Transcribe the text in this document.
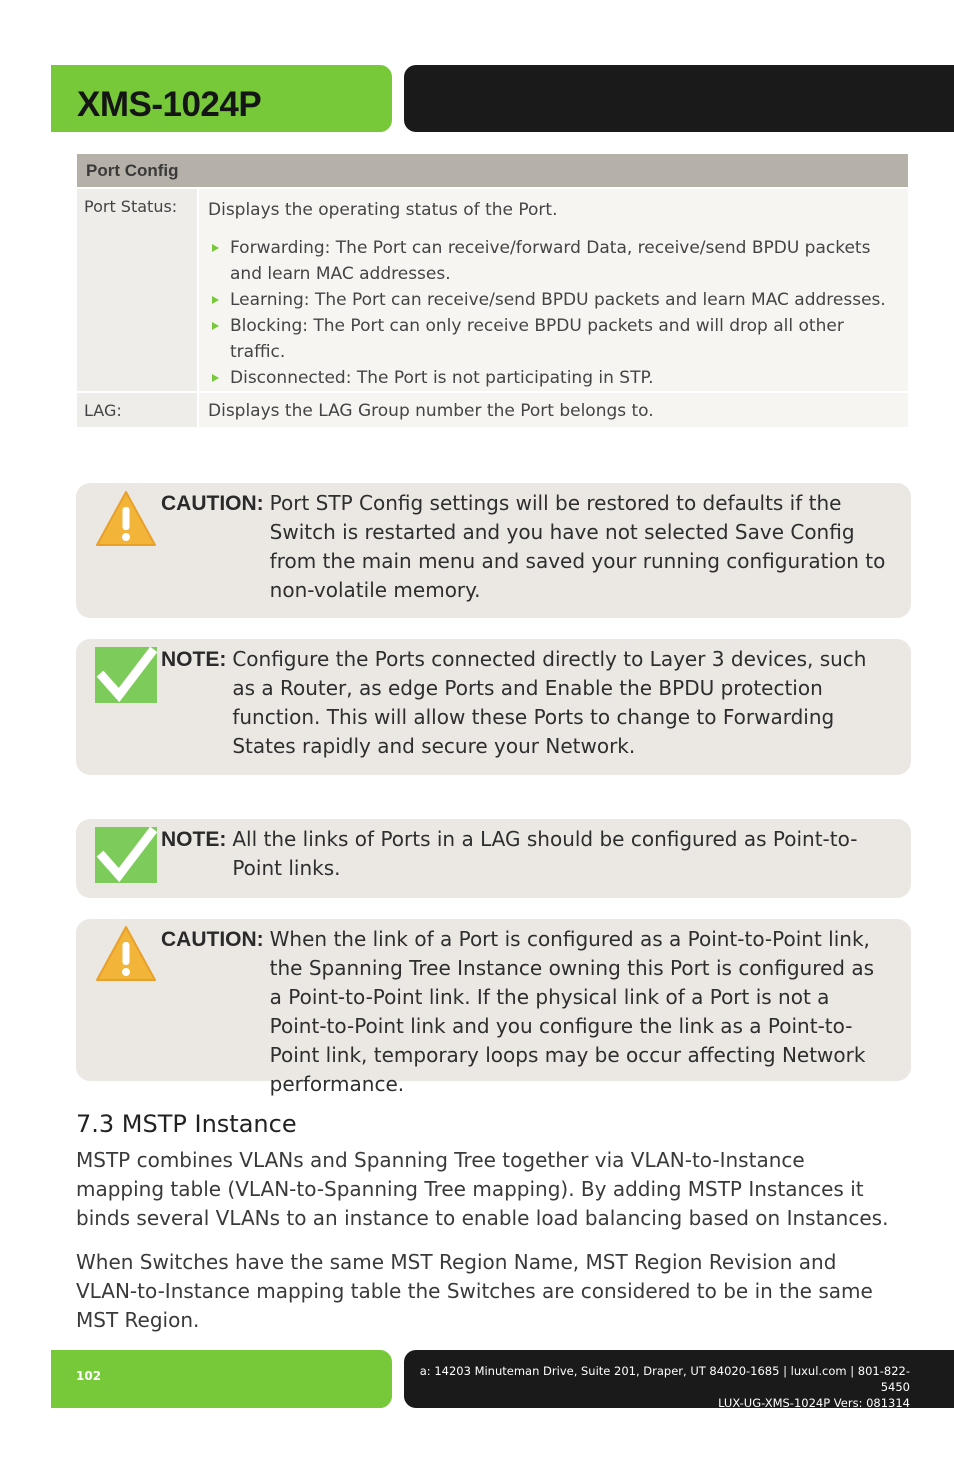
XMS-1024P
Port Config
Port Status:	Displays the operating status of the Port.

Forwarding: The Port can receive/forward Data, receive/send BPDU packets and learn MAC addresses.
Learning: The Port can receive/send BPDU packets and learn MAC addresses.
Blocking: The Port can only receive BPDU packets and will drop all other traffic.
Disconnected: The Port is not participating in STP.
LAG:	Displays the LAG Group number the Port belongs to.
CAUTION: Port STP Config settings will be restored to defaults if the Switch is restarted and you have not selected Save Config from the main menu and saved your running configuration to non-volatile memory.
NOTE: Configure the Ports connected directly to Layer 3 devices, such as a Router, as edge Ports and Enable the BPDU protection function. This will allow these Ports to change to Forwarding States rapidly and secure your Network.
NOTE: All the links of Ports in a LAG should be configured as Point-to-Point links.
CAUTION: When the link of a Port is configured as a Point-to-Point link, the Spanning Tree Instance owning this Port is configured as a Point-to-Point link. If the physical link of a Port is not a Point-to-Point link and you configure the link as a Point-to-Point link, temporary loops may be occur affecting Network performance.
7.3 MSTP Instance
MSTP combines VLANs and Spanning Tree together via VLAN-to-Instance mapping table (VLAN-to-Spanning Tree mapping). By adding MSTP Instances it binds several VLANs to an instance to enable load balancing based on Instances.
When Switches have the same MST Region Name, MST Region Revision and VLAN-to-Instance mapping table the Switches are considered to be in the same MST Region.
102	a: 14203 Minuteman Drive, Suite 201, Draper, UT 84020-1685 | luxul.com | 801-822-5450
LUX-UG-XMS-1024P Vers: 081314
